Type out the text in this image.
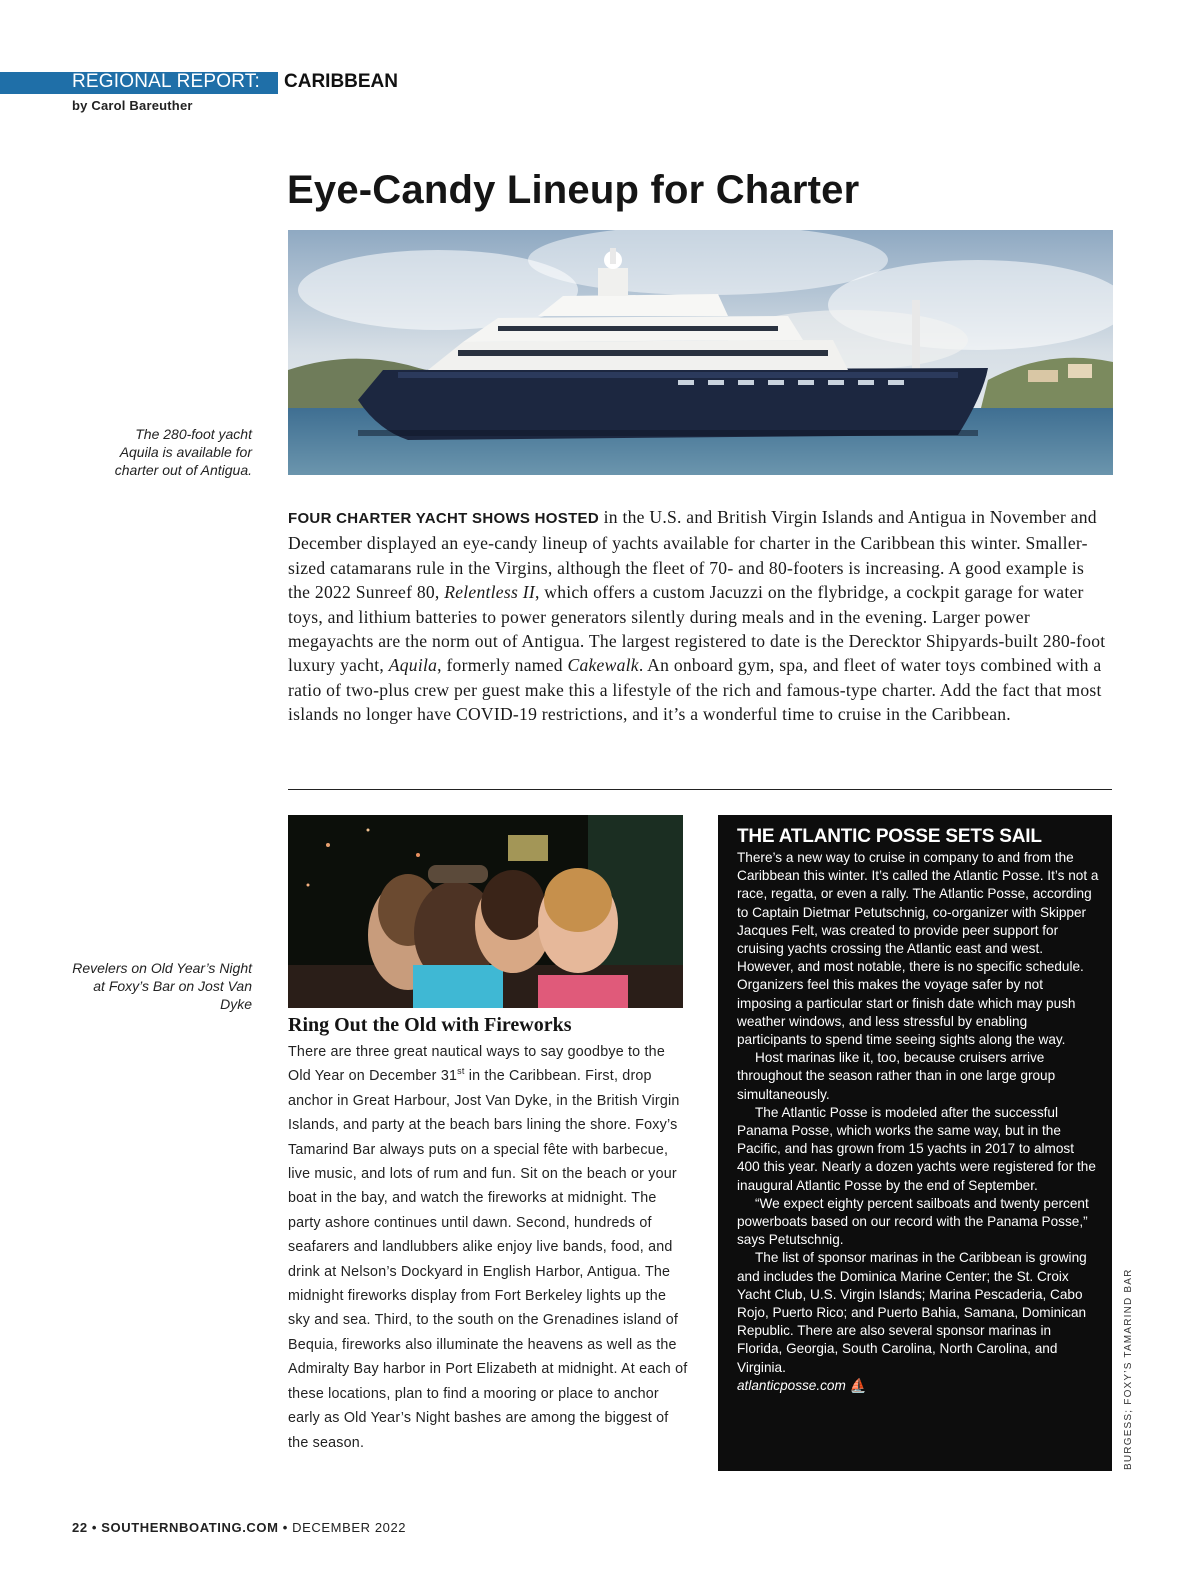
REGIONAL REPORT: CARIBBEAN
by Carol Bareuther
Eye-Candy Lineup for Charter
The 280-foot yacht
Aquila is available for
charter out of Antigua.
FOUR CHARTER YACHT SHOWS HOSTED in the U.S. and British Virgin Islands and Antigua in November and December displayed an eye-candy lineup of yachts available for charter in the Caribbean this winter. Smaller-sized catamarans rule in the Virgins, although the fleet of 70- and 80-footers is increasing. A good example is the 2022 Sunreef 80, Relentless II, which offers a custom Jacuzzi on the flybridge, a cockpit garage for water toys, and lithium batteries to power generators silently during meals and in the evening. Larger power megayachts are the norm out of Antigua. The largest registered to date is the Derecktor Shipyards-built 280-foot luxury yacht, Aquila, formerly named Cakewalk. An onboard gym, spa, and fleet of water toys combined with a ratio of two-plus crew per guest make this a lifestyle of the rich and famous-type charter. Add the fact that most islands no longer have COVID-19 restrictions, and it’s a wonderful time to cruise in the Caribbean.
Revelers on Old Year’s Night at Foxy’s Bar on Jost Van Dyke
Ring Out the Old with Fireworks
There are three great nautical ways to say goodbye to the Old Year on December 31st in the Caribbean. First, drop anchor in Great Harbour, Jost Van Dyke, in the British Virgin Islands, and party at the beach bars lining the shore. Foxy’s Tamarind Bar always puts on a special fête with barbecue, live music, and lots of rum and fun. Sit on the beach or your boat in the bay, and watch the fireworks at midnight. The party ashore continues until dawn. Second, hundreds of seafarers and landlubbers alike enjoy live bands, food, and drink at Nelson’s Dockyard in English Harbor, Antigua. The midnight fireworks display from Fort Berkeley lights up the sky and sea. Third, to the south on the Grenadines island of Bequia, fireworks also illuminate the heavens as well as the Admiralty Bay harbor in Port Elizabeth at midnight. At each of these locations, plan to find a mooring or place to anchor early as Old Year’s Night bashes are among the biggest of the season.
THE ATLANTIC POSSE SETS SAIL

There’s a new way to cruise in company to and from the Caribbean this winter. It’s called the Atlantic Posse. It’s not a race, regatta, or even a rally. The Atlantic Posse, according to Captain Dietmar Petutschnig, co-organizer with Skipper Jacques Felt, was created to provide peer support for cruising yachts crossing the Atlantic east and west. However, and most notable, there is no specific schedule. Organizers feel this makes the voyage safer by not imposing a particular start or finish date which may push weather windows, and less stressful by enabling participants to spend time seeing sights along the way.

Host marinas like it, too, because cruisers arrive throughout the season rather than in one large group simultaneously.

The Atlantic Posse is modeled after the successful Panama Posse, which works the same way, but in the Pacific, and has grown from 15 yachts in 2017 to almost 400 this year. Nearly a dozen yachts were registered for the inaugural Atlantic Posse by the end of September.

“We expect eighty percent sailboats and twenty percent powerboats based on our record with the Panama Posse,” says Petutschnig.

The list of sponsor marinas in the Caribbean is growing and includes the Dominica Marine Center; the St. Croix Yacht Club, U.S. Virgin Islands; Marina Pescaderia, Cabo Rojo, Puerto Rico; and Puerto Bahia, Samana, Dominican Republic. There are also several sponsor marinas in Florida, Georgia, South Carolina, North Carolina, and Virginia.

atlanticposse.com ⛵	BURGESS; FOXY’S TAMARIND BAR
22 • SOUTHERNBOATING.COM • DECEMBER 2022
